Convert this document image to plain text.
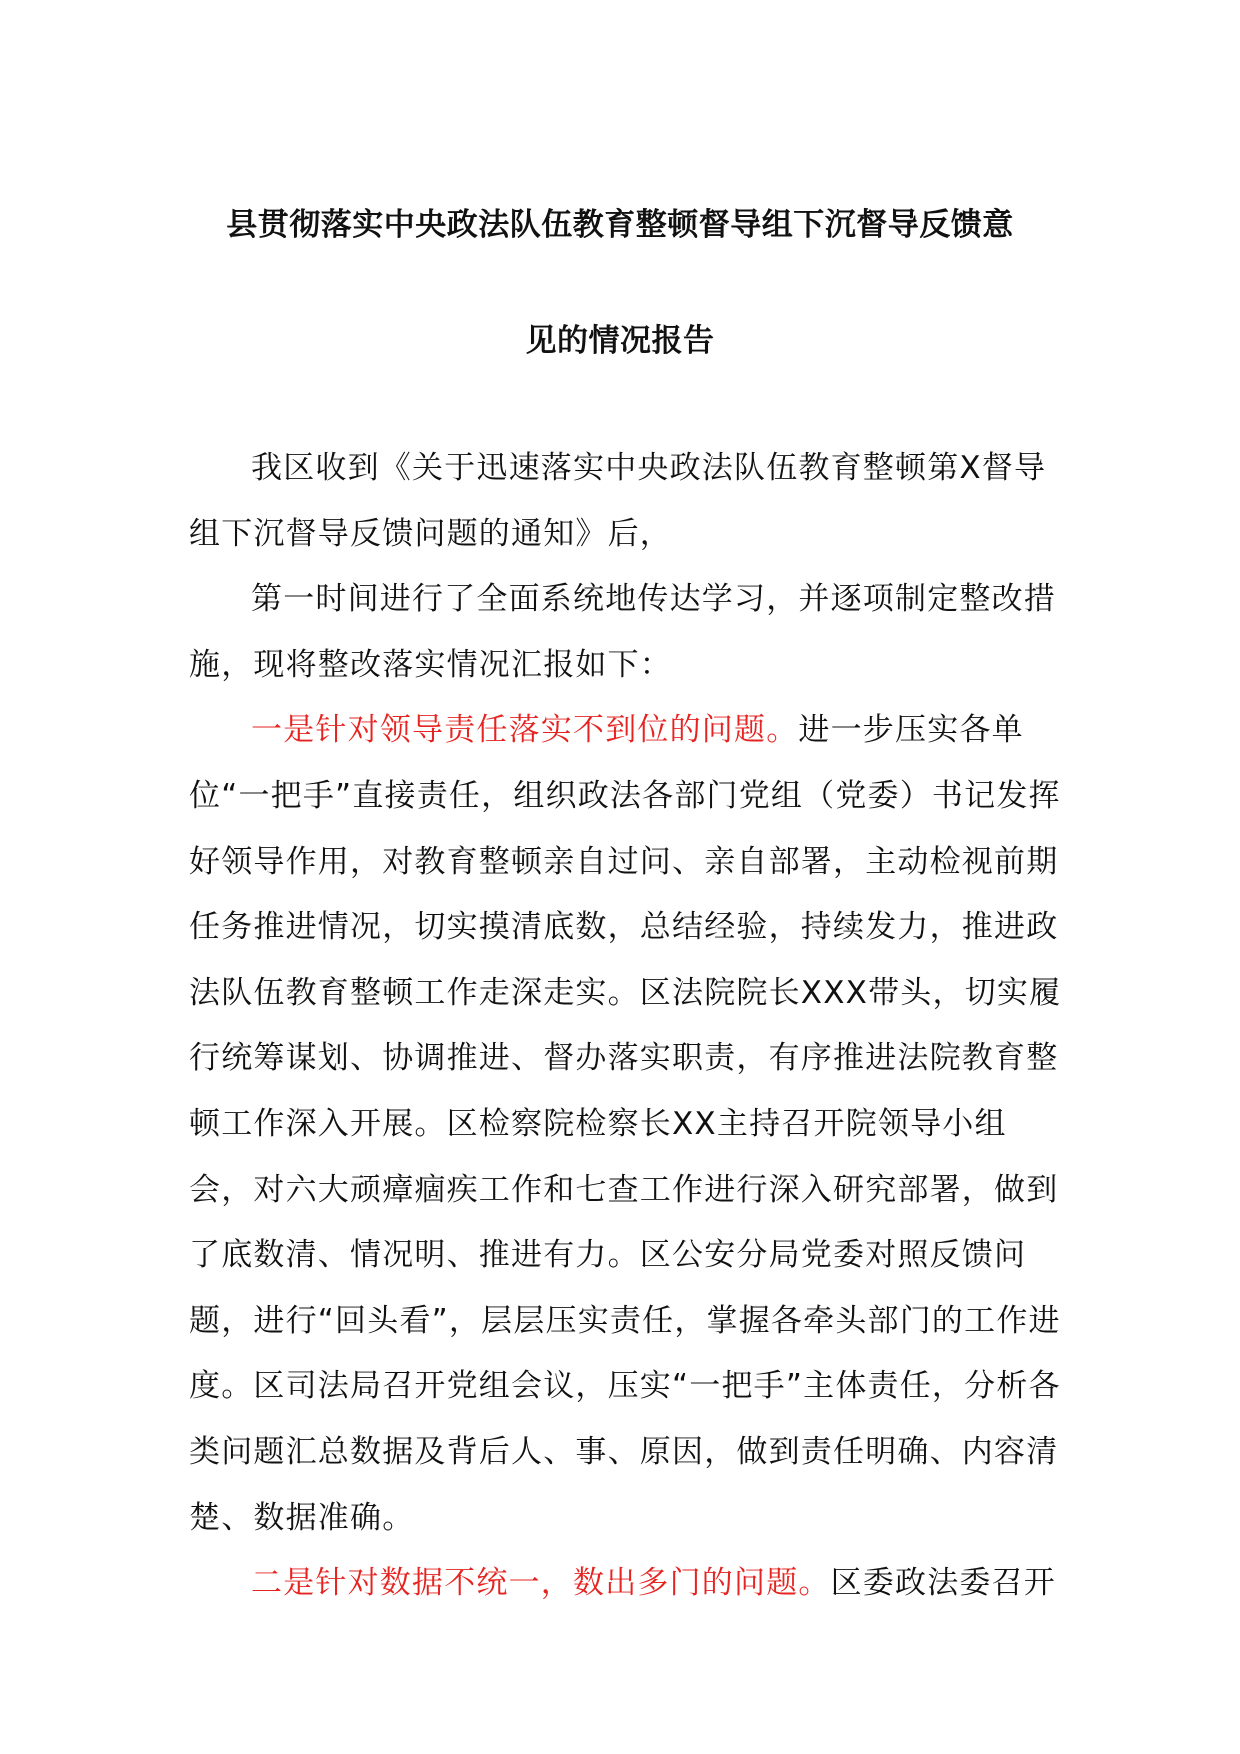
县贯彻落实中央政法队伍教育整顿督导组下沉督导反馈意
见的情况报告

我区收到《关于迅速落实中央政法队伍教育整顿第X督导组下沉督导反馈问题的通知》后，

第一时间进行了全面系统地传达学习，并逐项制定整改措施，现将整改落实情况汇报如下：

一是针对领导责任落实不到位的问题。进一步压实各单位“一把手”直接责任，组织政法各部门党组（党委）书记发挥好领导作用，对教育整顿亲自过问、亲自部署，主动检视前期任务推进情况，切实摸清底数，总结经验，持续发力，推进政法队伍教育整顿工作走深走实。区法院院长XXX带头，切实履行统筹谋划、协调推进、督办落实职责，有序推进法院教育整顿工作深入开展。区检察院检察长XX主持召开院领导小组会，对六大顽瘴痼疾工作和七查工作进行深入研究部署，做到了底数清、情况明、推进有力。区公安分局党委对照反馈问题，进行“回头看”，层层压实责任，掌握各牵头部门的工作进度。区司法局召开党组会议，压实“一把手”主体责任，分析各类问题汇总数据及背后人、事、原因，做到责任明确、内容清楚、数据准确。

二是针对数据不统一，数出多门的问题。区委政法委召开
